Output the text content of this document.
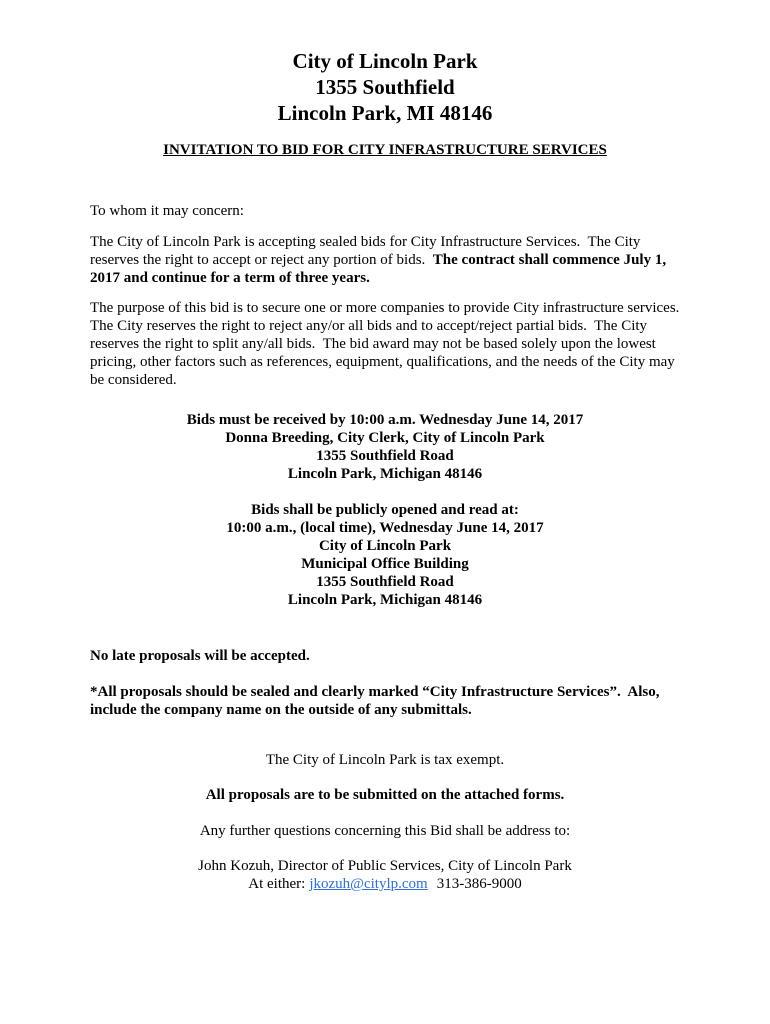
City of Lincoln Park
1355 Southfield
Lincoln Park, MI 48146
INVITATION TO BID FOR CITY INFRASTRUCTURE SERVICES

To whom it may concern:

The City of Lincoln Park is accepting sealed bids for City Infrastructure Services.  The City reserves the right to accept or reject any portion of bids.  The contract shall commence July 1, 2017 and continue for a term of three years.

The purpose of this bid is to secure one or more companies to provide City infrastructure services.  The City reserves the right to reject any/or all bids and to accept/reject partial bids.  The City reserves the right to split any/all bids.  The bid award may not be based solely upon the lowest pricing, other factors such as references, equipment, qualifications, and the needs of the City may be considered.

Bids must be received by 10:00 a.m. Wednesday June 14, 2017
Donna Breeding, City Clerk, City of Lincoln Park
1355 Southfield Road
Lincoln Park, Michigan 48146
Bids shall be publicly opened and read at:
10:00 a.m., (local time), Wednesday June 14, 2017
City of Lincoln Park
Municipal Office Building
1355 Southfield Road
Lincoln Park, Michigan 48146

No late proposals will be accepted.

*All proposals should be sealed and clearly marked “City Infrastructure Services”.  Also, include the company name on the outside of any submittals.

The City of Lincoln Park is tax exempt.

All proposals are to be submitted on the attached forms.

Any further questions concerning this Bid shall be address to:

John Kozuh, Director of Public Services, City of Lincoln Park
At either: jkozuh@citylp.com 313-386-9000
